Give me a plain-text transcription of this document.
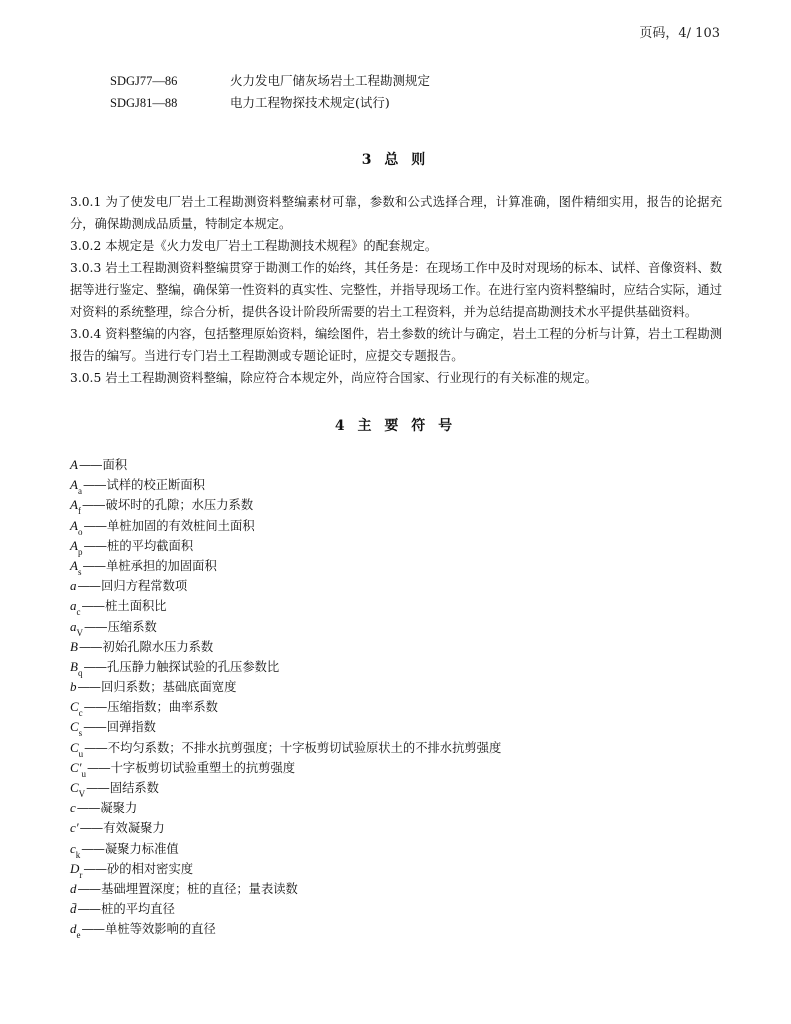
页码，4/ 103
SDGJ77—86	火力发电厂储灰场岩土工程勘测规定
SDGJ81—88	电力工程物探技术规定(试行)
3 总 则

3.0.1 为了使发电厂岩土工程勘测资料整编素材可靠，参数和公式选择合理，计算准确，图件精细实用，报告的论据充分，确保勘测成品质量，特制定本规定。

3.0.2 本规定是《火力发电厂岩土工程勘测技术规程》的配套规定。

3.0.3 岩土工程勘测资料整编贯穿于勘测工作的始终，其任务是：在现场工作中及时对现场的标本、试样、音像资料、数据等进行鉴定、整编，确保第一性资料的真实性、完整性，并指导现场工作。在进行室内资料整编时，应结合实际，通过对资料的系统整理，综合分析，提供各设计阶段所需要的岩土工程资料，并为总结提高勘测技术水平提供基础资料。

3.0.4 资料整编的内容，包括整理原始资料，编绘图件，岩土参数的统计与确定，岩土工程的分析与计算，岩土工程勘测报告的编写。当进行专门岩土工程勘测或专题论证时，应提交专题报告。

3.0.5 岩土工程勘测资料整编，除应符合本规定外，尚应符合国家、行业现行的有关标准的规定。

4 主 要 符 号
A —— 面积
A a —— 试样的校正断面积
A f —— 破坏时的孔隙；水压力系数
A o —— 单桩加固的有效桩间土面积
A p —— 桩的平均截面积
A s —— 单桩承担的加固面积
a —— 回归方程常数项
a c —— 桩土面积比
a V —— 压缩系数
B —— 初始孔隙水压力系数
B q —— 孔压静力触探试验的孔压参数比
b —— 回归系数；基础底面宽度
C c —— 压缩指数；曲率系数
C s —— 回弹指数
C u —— 不均匀系数；不排水抗剪强度；十字板剪切试验原状土的不排水抗剪强度
C′ u —— 十字板剪切试验重塑土的抗剪强度
C V —— 固结系数
c —— 凝聚力
c′ —— 有效凝聚力
c k —— 凝聚力标准值
D r —— 砂的相对密实度
d —— 基础埋置深度；桩的直径；量表读数
d̄ —— 桩的平均直径
d e —— 单桩等效影响的直径
